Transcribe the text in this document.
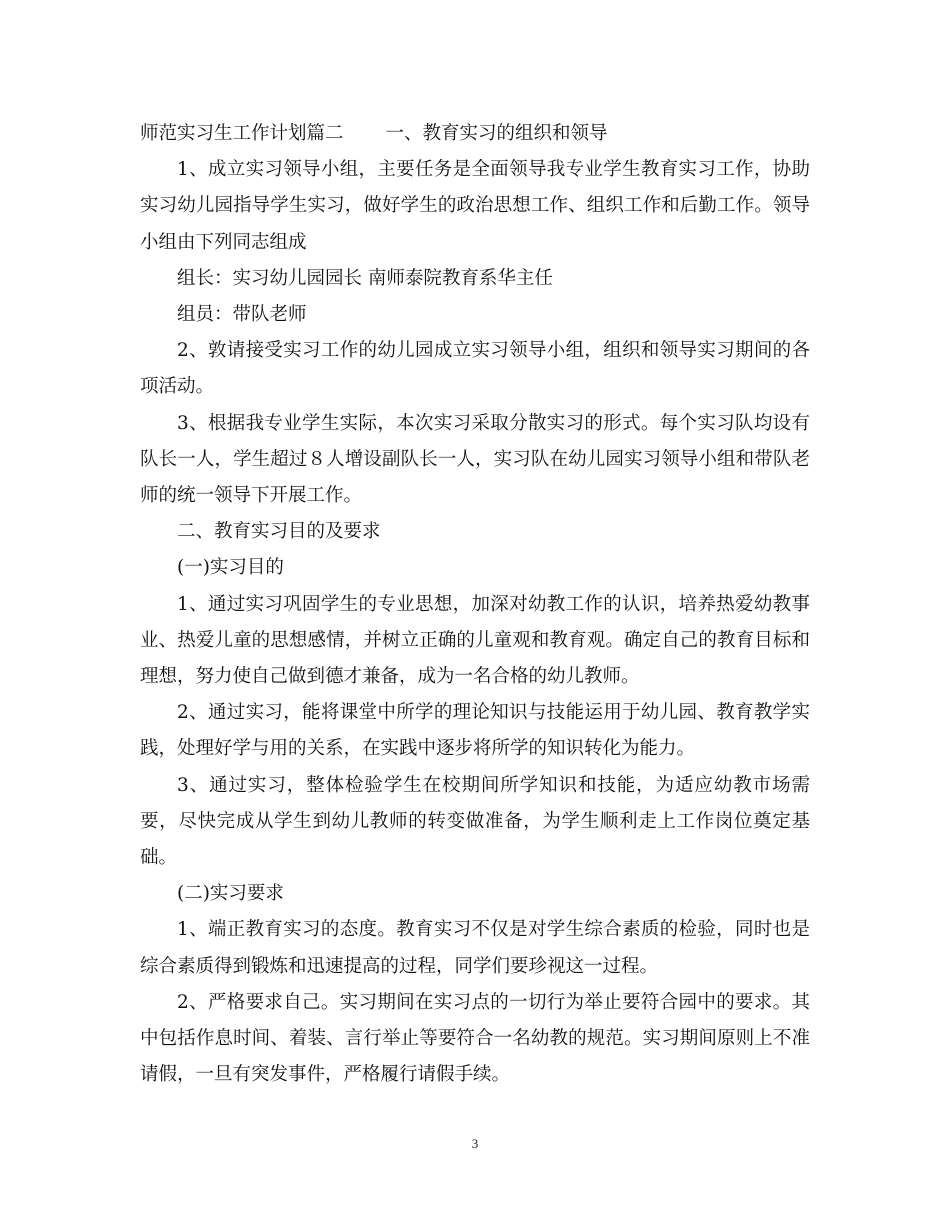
师范实习生工作计划篇二 一、教育实习的组织和领导

1、成立实习领导小组，主要任务是全面领导我专业学生教育实习工作，协助实习幼儿园指导学生实习，做好学生的政治思想工作、组织工作和后勤工作。领导小组由下列同志组成

组长：实习幼儿园园长 南师泰院教育系华主任

组员：带队老师

2、敦请接受实习工作的幼儿园成立实习领导小组，组织和领导实习期间的各项活动。

3、根据我专业学生实际，本次实习采取分散实习的形式。每个实习队均设有队长一人，学生超过８人增设副队长一人，实习队在幼儿园实习领导小组和带队老师的统一领导下开展工作。

二、教育实习目的及要求

(一)实习目的

1、通过实习巩固学生的专业思想，加深对幼教工作的认识，培养热爱幼教事业、热爱儿童的思想感情，并树立正确的儿童观和教育观。确定自己的教育目标和理想，努力使自己做到德才兼备，成为一名合格的幼儿教师。

2、通过实习，能将课堂中所学的理论知识与技能运用于幼儿园、教育教学实践，处理好学与用的关系，在实践中逐步将所学的知识转化为能力。

3、通过实习，整体检验学生在校期间所学知识和技能，为适应幼教市场需要，尽快完成从学生到幼儿教师的转变做准备，为学生顺利走上工作岗位奠定基础。

(二)实习要求

1、端正教育实习的态度。教育实习不仅是对学生综合素质的检验，同时也是综合素质得到锻炼和迅速提高的过程，同学们要珍视这一过程。

2、严格要求自己。实习期间在实习点的一切行为举止要符合园中的要求。其中包括作息时间、着装、言行举止等要符合一名幼教的规范。实习期间原则上不准请假，一旦有突发事件，严格履行请假手续。

3
